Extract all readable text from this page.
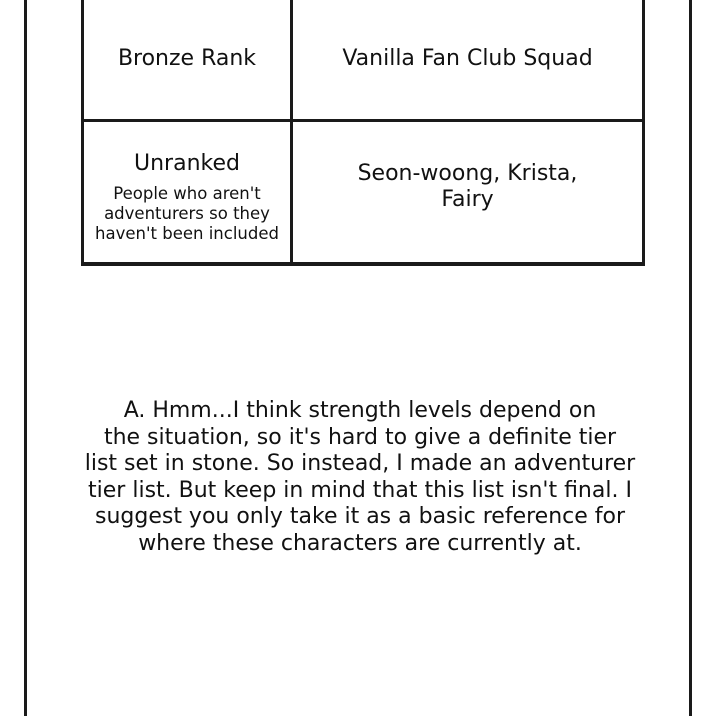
Bronze Rank	Vanilla Fan Club Squad

Unranked
People who aren't
adventurers so they
haven't been included	Seon-woong, Krista,
Fairy

A. Hmm...I think strength levels depend on
the situation, so it's hard to give a definite tier
list set in stone. So instead, I made an adventurer
tier list. But keep in mind that this list isn't final. I
suggest you only take it as a basic reference for
where these characters are currently at.
